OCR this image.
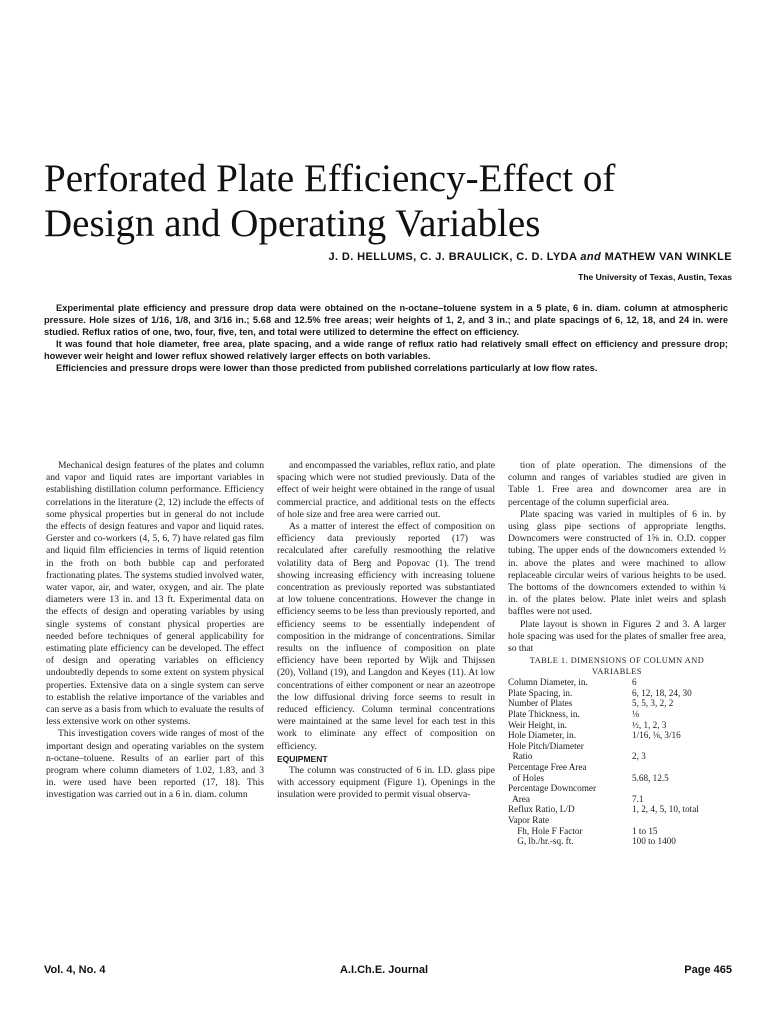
Perforated Plate Efficiency-Effect of Design and Operating Variables
J. D. HELLUMS, C. J. BRAULICK, C. D. LYDA and MATHEW VAN WINKLE
The University of Texas, Austin, Texas

Experimental plate efficiency and pressure drop data were obtained on the n-octane–toluene system in a 5 plate, 6 in. diam. column at atmospheric pressure. Hole sizes of 1/16, 1/8, and 3/16 in.; 5.68 and 12.5% free areas; weir heights of 1, 2, and 3 in.; and plate spacings of 6, 12, 18, and 24 in. were studied. Reflux ratios of one, two, four, five, ten, and total were utilized to determine the effect on efficiency.

It was found that hole diameter, free area, plate spacing, and a wide range of reflux ratio had relatively small effect on efficiency and pressure drop; however weir height and lower reflux showed relatively larger effects on both variables.

Efficiencies and pressure drops were lower than those predicted from published correlations particularly at low flow rates.

Mechanical design features of the plates and column and vapor and liquid rates are important variables in establishing distillation column performance. Efficiency correlations in the literature (2, 12) include the effects of some physical properties but in general do not include the effects of design features and vapor and liquid rates. Gerster and co-workers (4, 5, 6, 7) have related gas film and liquid film efficiencies in terms of liquid retention in the froth on both bubble cap and perforated fractionating plates. The systems studied involved water, water vapor, air, and water, oxygen, and air. The plate diameters were 13 in. and 13 ft. Experimental data on the effects of design and operating variables by using single systems of constant physical properties are needed before techniques of general applicability for estimating plate efficiency can be developed. The effect of design and operating variables on efficiency undoubtedly depends to some extent on system physical properties. Extensive data on a single system can serve to establish the relative importance of the variables and can serve as a basis from which to evaluate the results of less extensive work on other systems.

This investigation covers wide ranges of most of the important design and operating variables on the system n-octane–toluene. Results of an earlier part of this program where column diameters of 1.02, 1.83, and 3 in. were used have been reported (17, 18). This investigation was carried out in a 6 in. diam. column

and encompassed the variables, reflux ratio, and plate spacing which were not studied previously. Data of the effect of weir height were obtained in the range of usual commercial practice, and additional tests on the effects of hole size and free area were carried out.

As a matter of interest the effect of composition on efficiency data previously reported (17) was recalculated after carefully resmoothing the relative volatility data of Berg and Popovac (1). The trend showing increasing efficiency with increasing toluene concentration as previously reported was substantiated at low toluene concentrations. However the change in efficiency seems to be less than previously reported, and efficiency seems to be essentially independent of composition in the midrange of concentrations. Similar results on the influence of composition on plate efficiency have been reported by Wijk and Thijssen (20), Volland (19), and Langdon and Keyes (11). At low concentrations of either component or near an azeotrope the low diffusional driving force seems to result in reduced efficiency. Column terminal concentrations were maintained at the same level for each test in this work to eliminate any effect of composition on efficiency.

EQUIPMENT

The column was constructed of 6 in. I.D. glass pipe with accessory equipment (Figure 1). Openings in the insulation were provided to permit visual observa-

tion of plate operation. The dimensions of the column and ranges of variables studied are given in Table 1. Free area and downcomer area are in percentage of the column superficial area.

Plate spacing was varied in multiples of 6 in. by using glass pipe sections of appropriate lengths. Downcomers were constructed of 1⅝ in. O.D. copper tubing. The upper ends of the downcomers extended ½ in. above the plates and were machined to allow replaceable circular weirs of various heights to be used. The bottoms of the downcomers extended to within ¼ in. of the plates below. Plate inlet weirs and splash baffles were not used.

Plate layout is shown in Figures 2 and 3. A larger hole spacing was used for the plates of smaller free area, so that

TABLE 1. DIMENSIONS OF COLUMN AND VARIABLES

Column Diameter, in.	6
Plate Spacing, in.	6, 12, 18, 24, 30
Number of Plates	5, 5, 3, 2, 2
Plate Thickness, in.	⅛
Weir Height, in.	½, 1, 2, 3
Hole Diameter, in.	1/16, ⅛, 3/16
Hole Pitch/Diameter	
Ratio	2, 3
Percentage Free Area	
of Holes	5.68, 12.5
Percentage Downcomer	
Area	7.1
Reflux Ratio, L/D	1, 2, 4, 5, 10, total
Vapor Rate	
Fh, Hole F Factor	1 to 15
G, lb./hr.-sq. ft.	100 to 1400
Vol. 4, No. 4	A.I.Ch.E. Journal	Page 465
